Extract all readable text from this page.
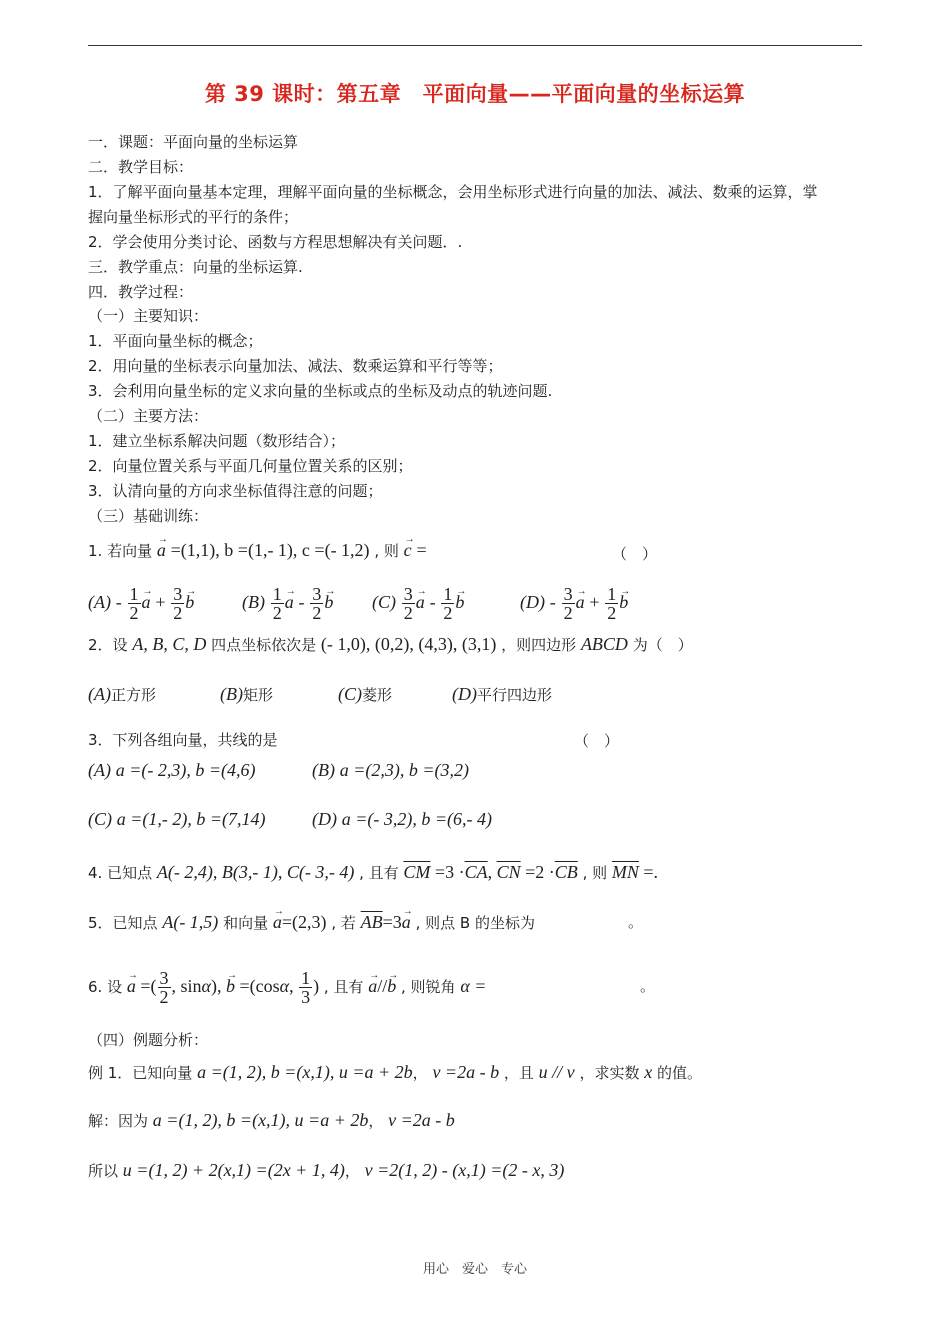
第 39 课时：第五章　平面向量——平面向量的坐标运算
一．课题：平面向量的坐标运算
二．教学目标：
1．了解平面向量基本定理，理解平面向量的坐标概念，会用坐标形式进行向量的加法、减法、数乘的运算，掌
握向量坐标形式的平行的条件；
2．学会使用分类讨论、函数与方程思想解决有关问题．.
三．教学重点：向量的坐标运算.
四．教学过程：
（一）主要知识：
1．平面向量坐标的概念；
2．用向量的坐标表示向量加法、减法、数乘运算和平行等等；
3．会利用向量坐标的定义求向量的坐标或点的坐标及动点的轨迹问题.
（二）主要方法：
1．建立坐标系解决问题（数形结合）；
2．向量位置关系与平面几何量位置关系的区别；
3．认清向量的方向求坐标值得注意的问题；
（三）基础训练：
1. 若向量 → a =(1,1), b =(1,- 1), c =(- 1,2) , 则 → c =	（　）
$(A) - \frac{1}{2} \to a + \frac{3}{2} \to b$	$(B) \frac{1}{2} \to a - \frac{3}{2} \to b$	$(C) \frac{3}{2} \to a - \frac{1}{2} \to b$	$(D) - \frac{3}{2} \to a + \frac{1}{2} \to b$
2．设 A, B, C, D 四点坐标依次是 (- 1,0), (0,2), (4,3), (3,1) ，则四边形 ABCD 为（　）
(A)正方形	(B)矩形	(C)菱形	(D)平行四边形
3．下列各组向量，共线的是	（　）
(A) a =(- 2,3), b =(4,6)	(B) a =(2,3), b =(3,2)
(C) a =(1,- 2), b =(7,14)	(D) a =(- 3,2), b =(6,- 4)
4. 已知点 A(- 2,4), B(3,- 1), C(- 3,- 4) , 且有 $\overline{CM} =3 \cdot\overline{CA}$, $\overline{CN} =2 \cdot\overline{CB}$ , 则 $\overline{MN}$ =.
5．已知点 A(- 1,5) 和向量 → a=(2,3) , 若 $\overline{AB}=3\to a$ , 则点 B 的坐标为	。
6. 设 → a =( $\frac{3}{2}$ , sinα), → b =(cosα, $\frac{1}{3}$ ) , 且有 → a//→ b , 则锐角 α =	。
（四）例题分析：
例 1．已知向量 a =(1, 2), b =(x,1), u =a + 2b， v =2a - b ，且 u // v ，求实数 x 的值。
解：因为 a =(1, 2), b =(x,1), u =a + 2b， v =2a - b
所以 u =(1, 2) + 2(x,1) =(2x + 1, 4)， v =2(1, 2) - (x,1) =(2 - x, 3)
用心　爱心　专心
